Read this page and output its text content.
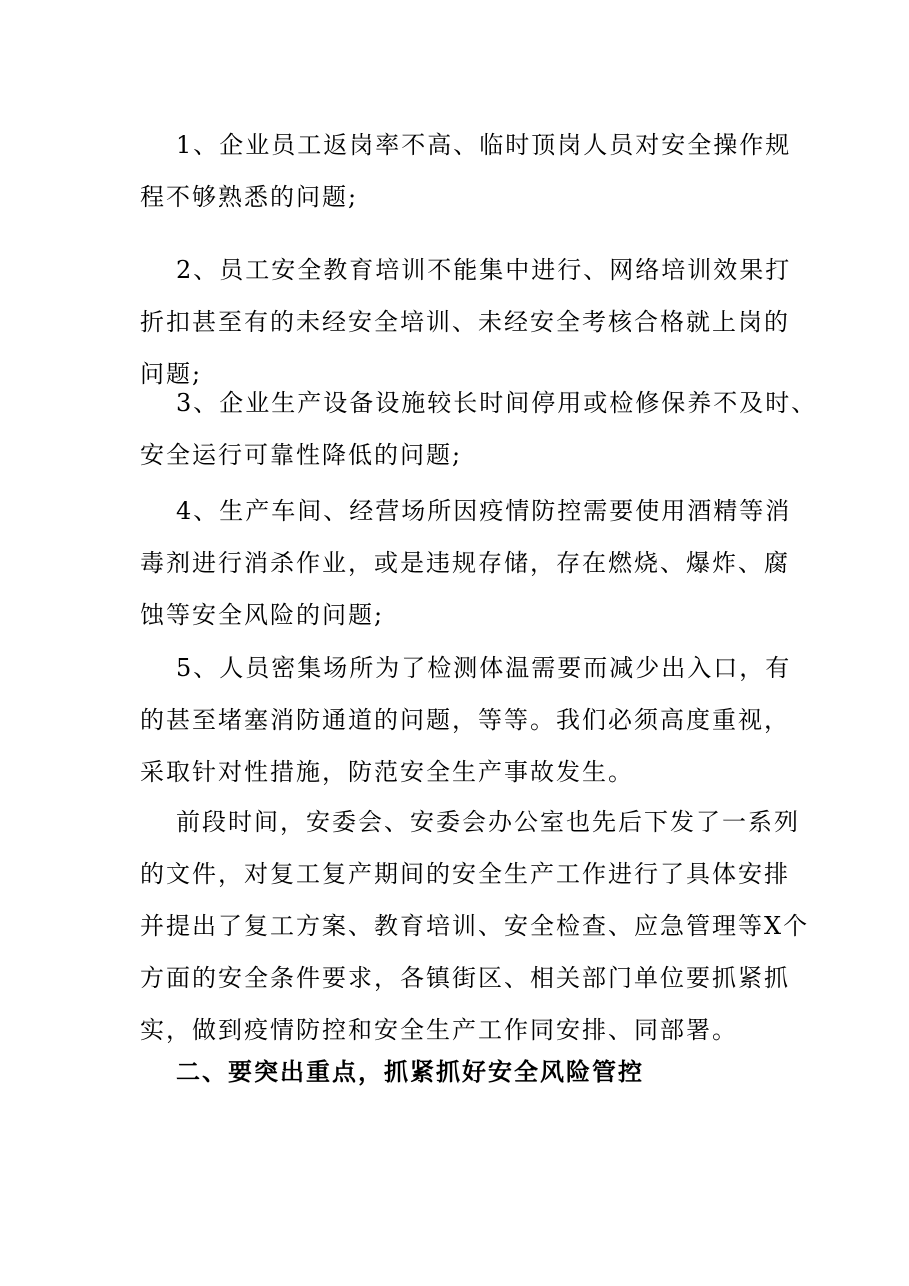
1、企业员工返岗率不高、临时顶岗人员对安全操作规
程不够熟悉的问题;
2、员工安全教育培训不能集中进行、网络培训效果打
折扣甚至有的未经安全培训、未经安全考核合格就上岗的
问题;
3、企业生产设备设施较长时间停用或检修保养不及时、
安全运行可靠性降低的问题;
4、生产车间、经营场所因疫情防控需要使用酒精等消
毒剂进行消杀作业，或是违规存储，存在燃烧、爆炸、腐
蚀等安全风险的问题;
5、人员密集场所为了检测体温需要而减少出入口，有
的甚至堵塞消防通道的问题，等等。我们必须高度重视，
采取针对性措施，防范安全生产事故发生。
前段时间，安委会、安委会办公室也先后下发了一系列
的文件，对复工复产期间的安全生产工作进行了具体安排
并提出了复工方案、教育培训、安全检查、应急管理等X个
方面的安全条件要求，各镇街区、相关部门单位要抓紧抓
实，做到疫情防控和安全生产工作同安排、同部署。
二、要突出重点，抓紧抓好安全风险管控
